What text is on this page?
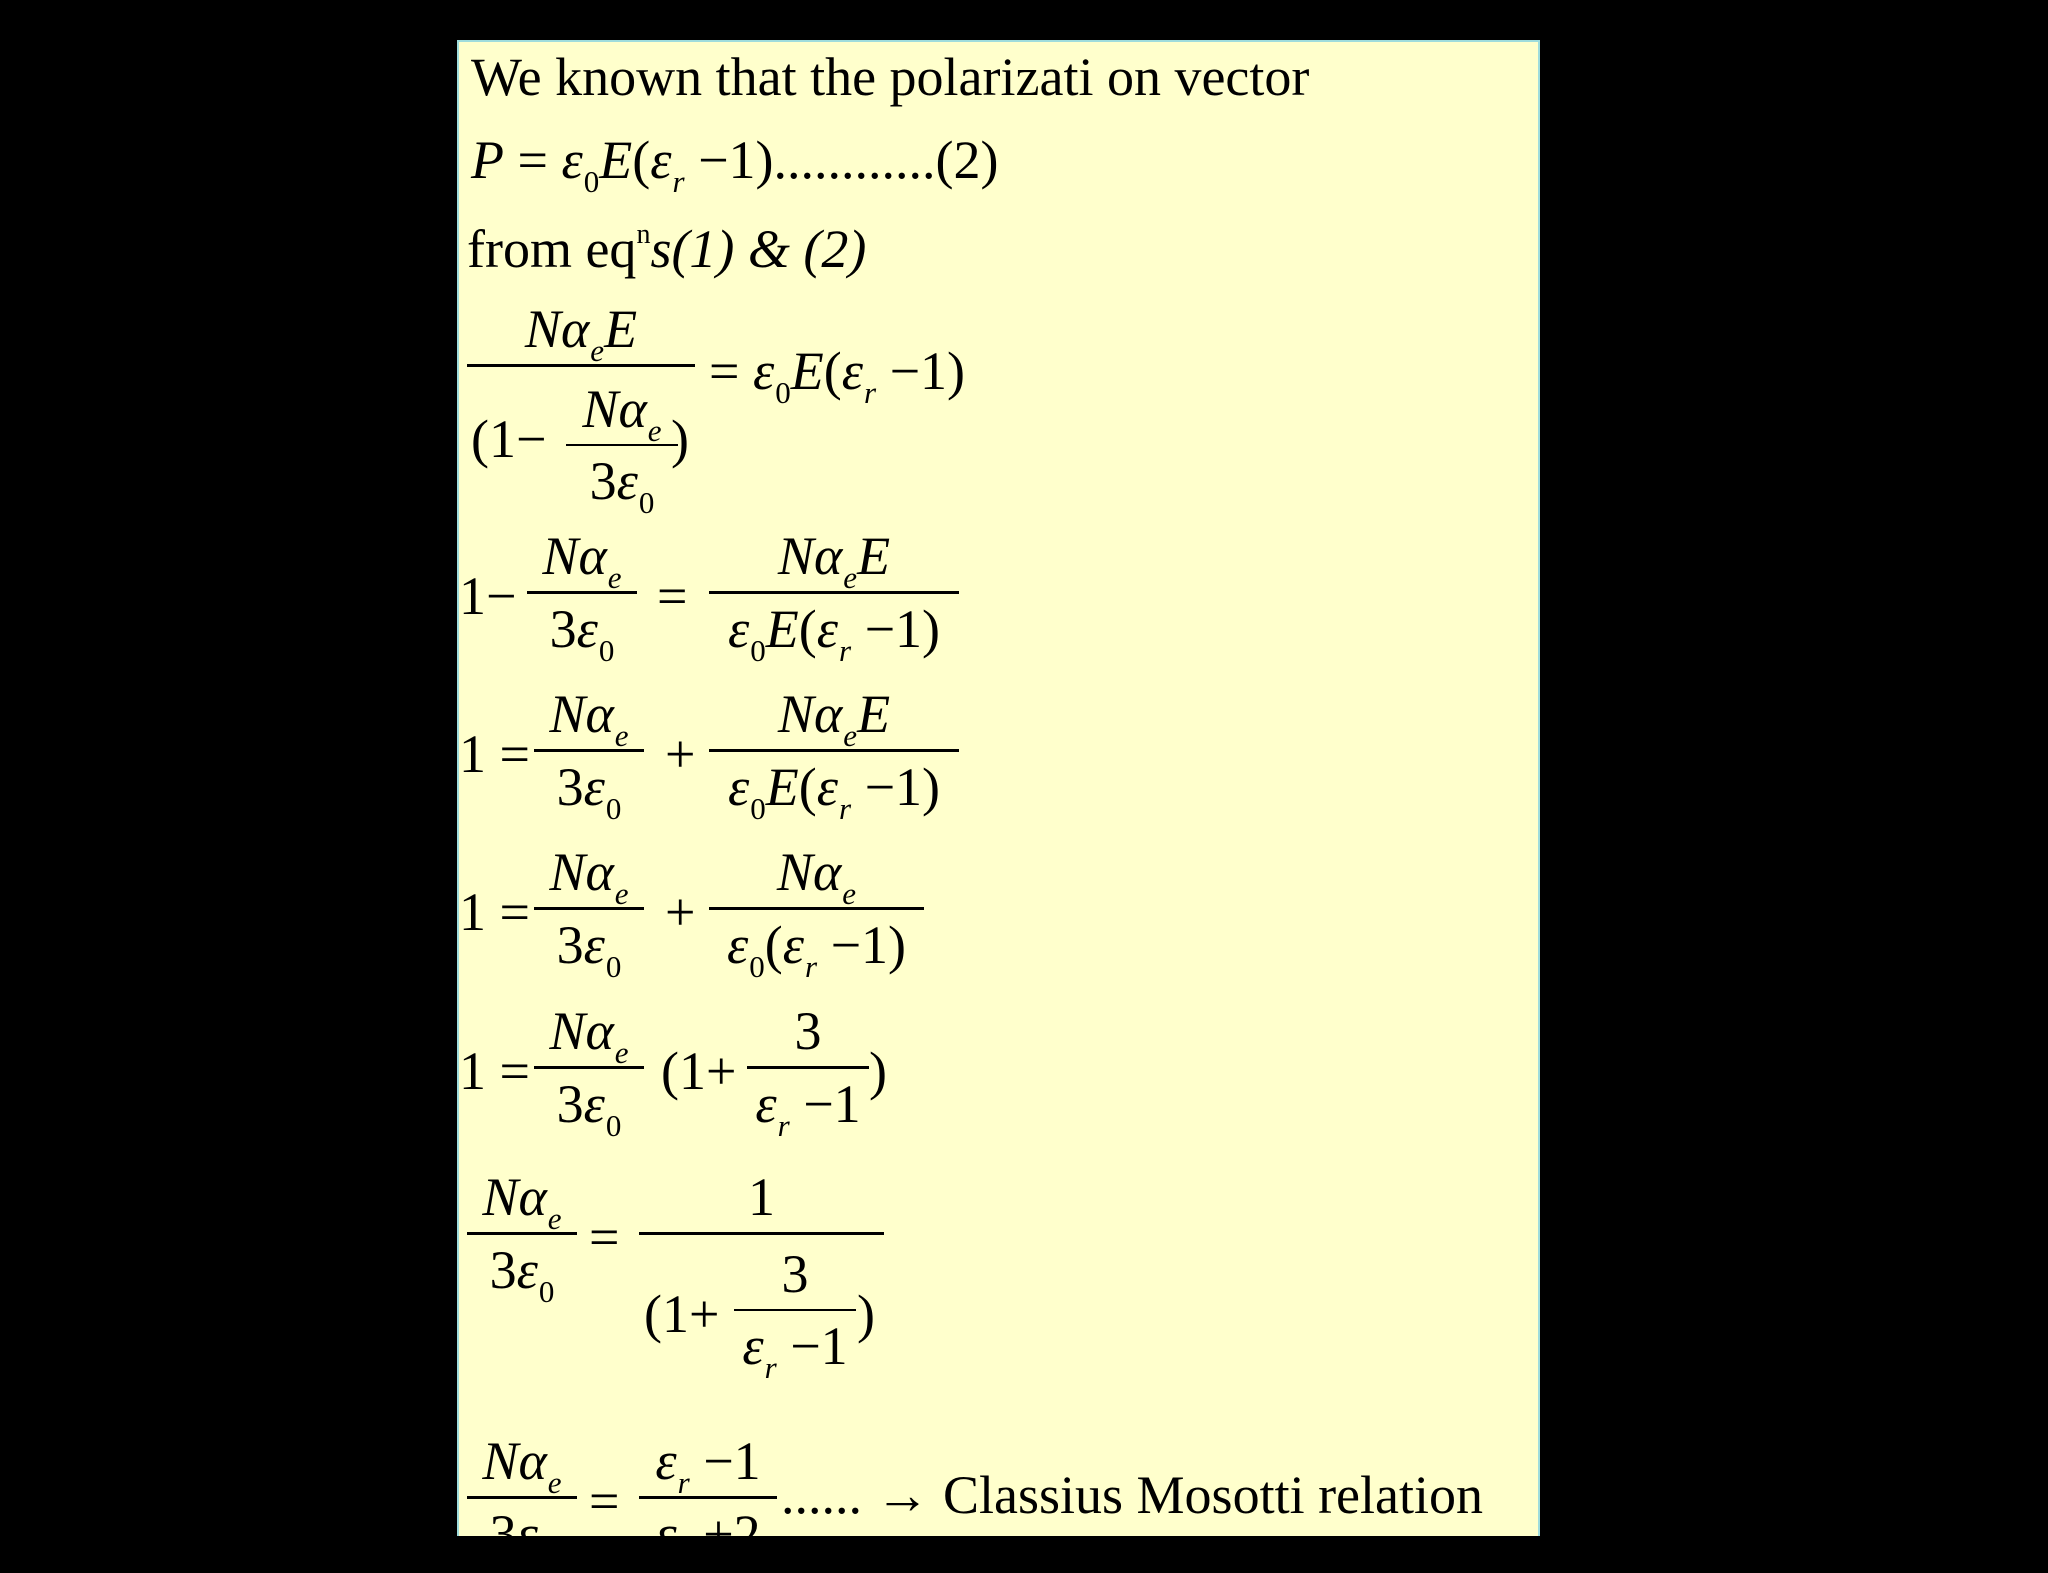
We known that the polarizati on vector
$P = \varepsilon_0E(\varepsilon_r -1)............(2)$
from $eq^ns(1)$ & (2)
$N\alpha_eE$
($1- N\alpha_e$
$3\varepsilon_0$
)
= $\varepsilon_0E(\varepsilon_r -1)$
1−
$N\alpha_e$
$3\varepsilon_0$
=
$N\alpha_eE$
$\varepsilon_0E(\varepsilon_r -1)$
1 =
$N\alpha_e$
$3\varepsilon_0$
+
$N\alpha_eE$
$\varepsilon_0E(\varepsilon_r -1)$
1 =
$N\alpha_e$
$3\varepsilon_0$
+
$N\alpha_e$
$\varepsilon_0(\varepsilon_r -1)$
1 =
$N\alpha_e$
$3\varepsilon_0$
(1+
3
$\varepsilon_r -1$
)
$N\alpha_e$
$3\varepsilon_0$
=
1
(1+
3
$\varepsilon_r -1$
)
$N\alpha_e$
$3\varepsilon_0$
=
$\varepsilon_r -1$
$\varepsilon_r +2$
...... → Classius Mosotti relation
